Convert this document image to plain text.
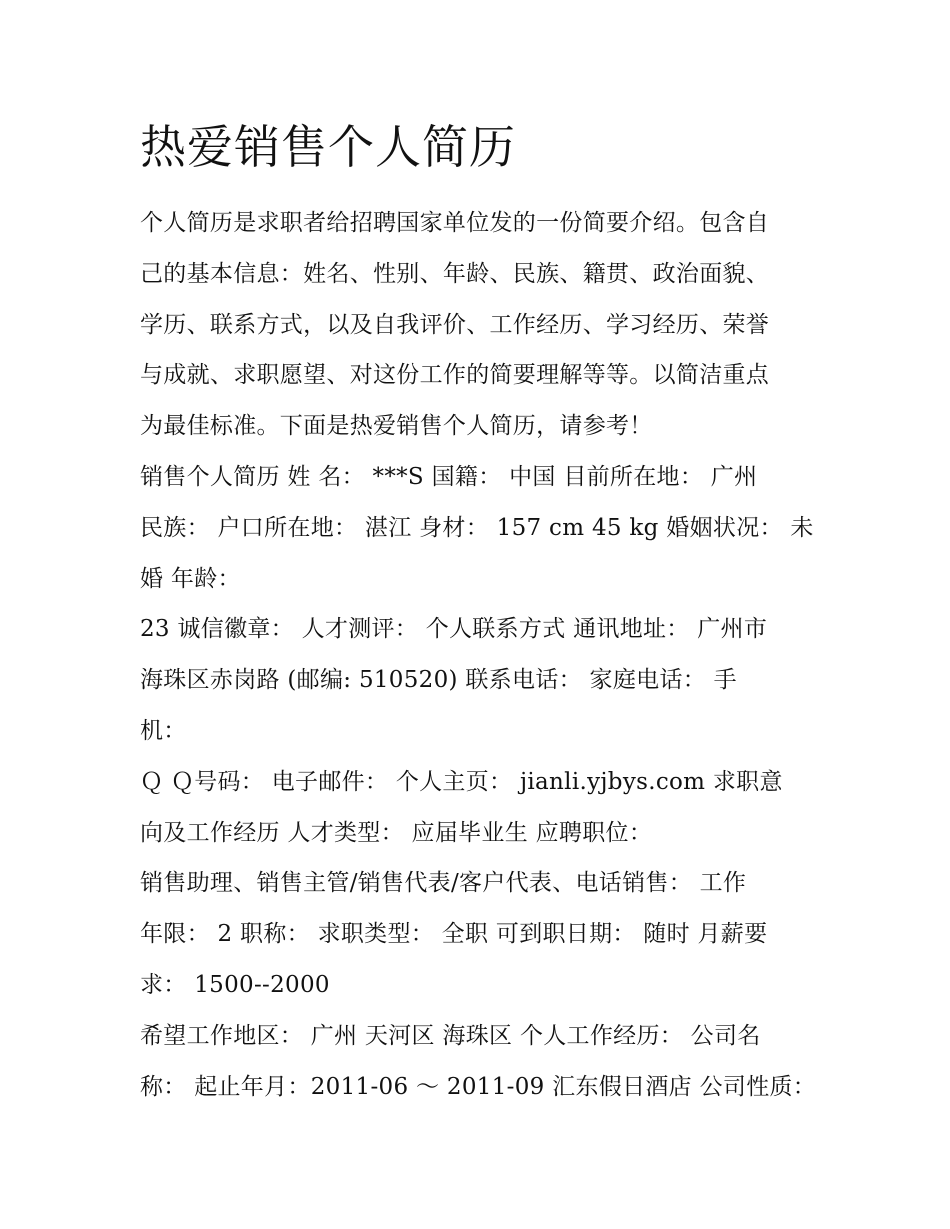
热爱销售个人简历
个人简历是求职者给招聘国家单位发的一份简要介绍。包含自
己的基本信息：姓名、性别、年龄、民族、籍贯、政治面貌、
学历、联系方式，以及自我评价、工作经历、学习经历、荣誉
与成就、求职愿望、对这份工作的简要理解等等。以简洁重点
为最佳标准。下面是热爱销售个人简历，请参考！
销售个人简历 姓 名： ***S 国籍： 中国 目前所在地： 广州
民族： 户口所在地： 湛江 身材： 157 cm 45 kg 婚姻状况： 未
婚 年龄：
23 诚信徽章： 人才测评： 个人联系方式 通讯地址： 广州市
海珠区赤岗路 (邮编: 510520) 联系电话： 家庭电话： 手
机：
Ｑ Ｑ号码： 电子邮件： 个人主页： jianli.yjbys.com 求职意
向及工作经历 人才类型： 应届毕业生 应聘职位：
销售助理、销售主管/销售代表/客户代表、电话销售： 工作
年限： 2 职称： 求职类型： 全职 可到职日期： 随时 月薪要
求： 1500--2000
希望工作地区： 广州 天河区 海珠区 个人工作经历： 公司名
称： 起止年月：2011-06 ～ 2011-09 汇东假日酒店 公司性质：
